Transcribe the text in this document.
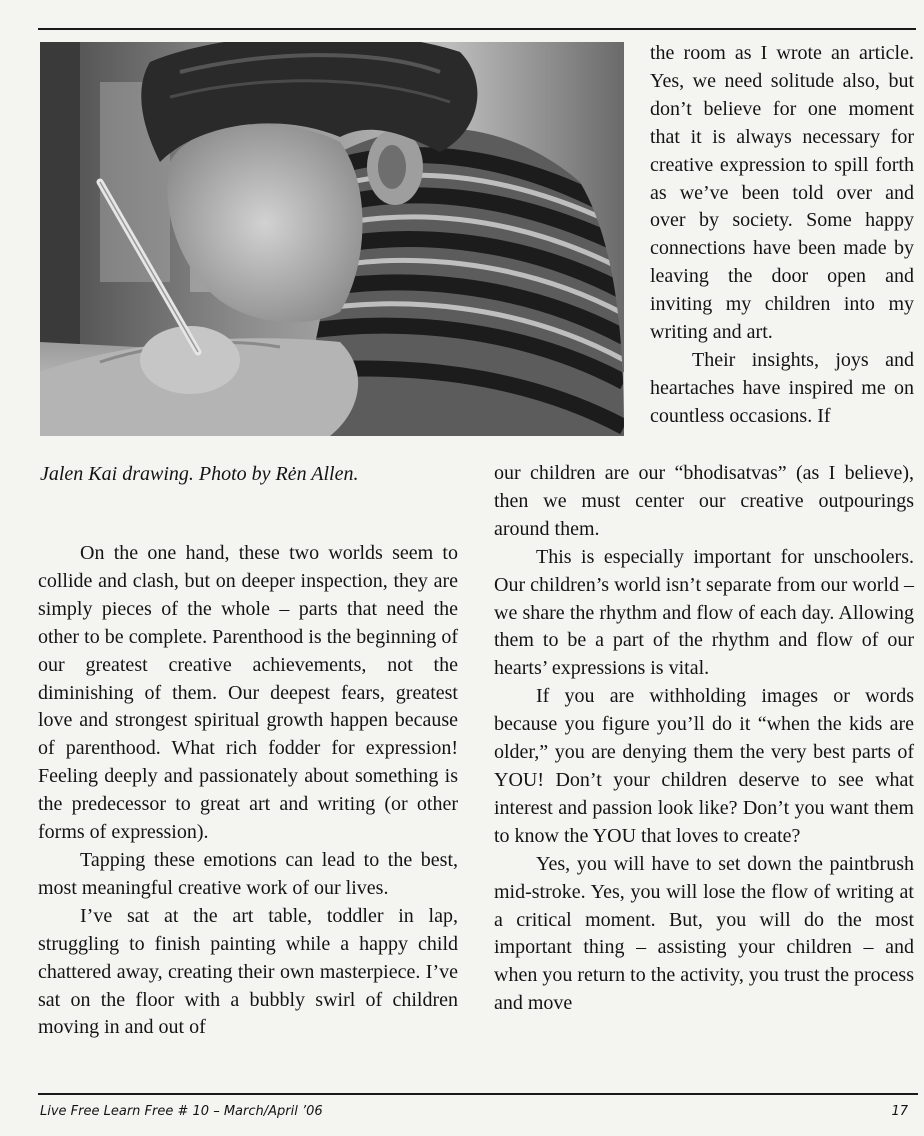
Jalen Kai drawing. Photo by Rėn Allen.

the room as I wrote an article. Yes, we need solitude also, but don’t believe for one moment that it is always necessary for creative expression to spill forth as we’ve been told over and over by society. Some happy connections have been made by leaving the door open and inviting my children into my writing and art.

Their insights, joys and heartaches have inspired me on countless occasions. If

our children are our “bhodisatvas” (as I believe), then we must center our creative outpourings around them.

This is especially important for unschoolers. Our children’s world isn’t separate from our world – we share the rhythm and flow of each day. Allowing them to be a part of the rhythm and flow of our hearts’ expressions is vital.

If you are withholding images or words because you figure you’ll do it “when the kids are older,” you are denying them the very best parts of YOU! Don’t your children deserve to see what interest and passion look like? Don’t you want them to know the YOU that loves to create?

Yes, you will have to set down the paintbrush mid-stroke. Yes, you will lose the flow of writing at a critical moment. But, you will do the most important thing – assisting your children – and when you return to the activity, you trust the process and move

On the one hand, these two worlds seem to collide and clash, but on deeper inspection, they are simply pieces of the whole – parts that need the other to be complete. Parenthood is the beginning of our greatest creative achievements, not the diminishing of them. Our deepest fears, greatest love and strongest spiritual growth happen because of parenthood. What rich fodder for expression! Feeling deeply and passionately about something is the predecessor to great art and writing (or other forms of expression).

Tapping these emotions can lead to the best, most meaningful creative work of our lives.

I’ve sat at the art table, toddler in lap, struggling to finish painting while a happy child chattered away, creating their own masterpiece. I’ve sat on the floor with a bubbly swirl of children moving in and out of

Live Free Learn Free # 10 – March/April ’06	17
